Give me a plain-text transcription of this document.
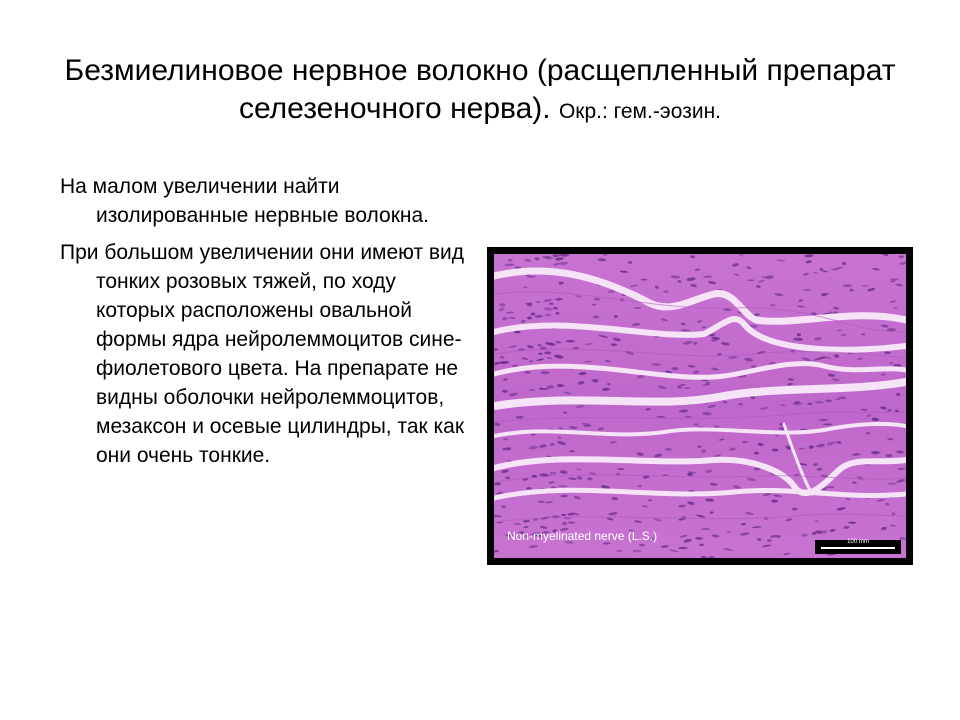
Безмиелиновое нервное волокно (расщепленный препарат селезеночного нерва). Окр.: гем.-эозин.

На малом увеличении найти изолированные нервные волокна.

При большом увеличении они имеют вид тонких розовых тяжей, по ходу которых расположены овальной формы ядра нейролеммоцитов сине-фиолетового цвета. На препарате не видны оболочки нейролеммоцитов, мезаксон и осевые цилиндры, так как они очень тонкие.

Non-myelinated nerve (L.S.)	100 mm
